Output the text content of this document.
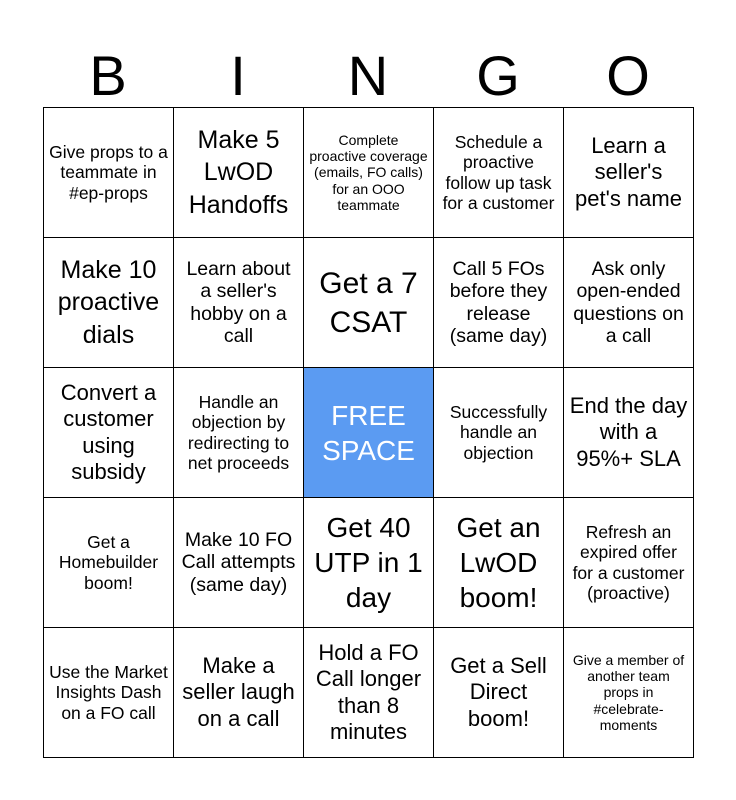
B	I	N	G	O
Give props to a teammate in #ep-props
Make 5 LwOD Handoffs
Complete proactive coverage (emails, FO calls) for an OOO teammate
Schedule a proactive follow up task for a customer
Learn a seller's pet's name
Make 10 proactive dials
Learn about a seller's hobby on a call
Get a 7 CSAT
Call 5 FOs before they release (same day)
Ask only open-ended questions on a call
Convert a customer using subsidy
Handle an objection by redirecting to net proceeds
FREE SPACE
Successfully handle an objection
End the day with a 95%+ SLA
Get a Homebuilder boom!
Make 10 FO Call attempts (same day)
Get 40 UTP in 1 day
Get an LwOD boom!
Refresh an expired offer for a customer (proactive)
Use the Market Insights Dash on a FO call
Make a seller laugh on a call
Hold a FO Call longer than 8 minutes
Get a Sell Direct boom!
Give a member of another team props in #celebrate-moments
